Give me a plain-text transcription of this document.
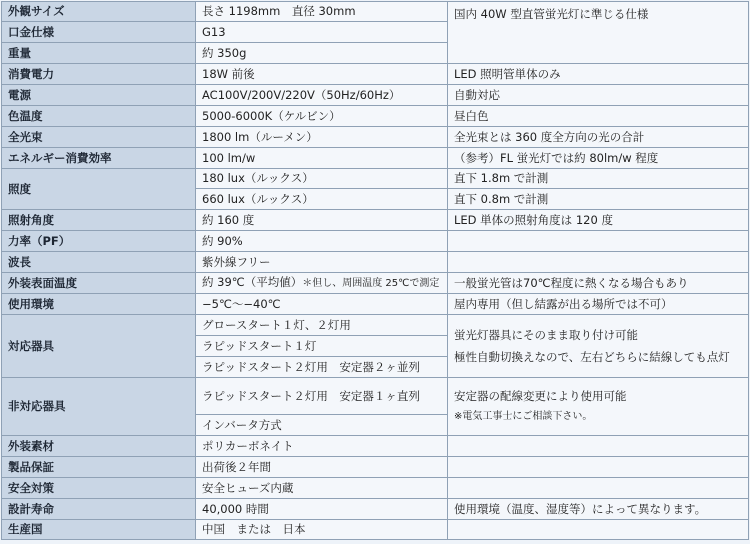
外観サイズ	長さ 1198mm　直径 30mm	国内 40W 型直管蛍光灯に準じる仕様
口金仕様	G13	
重量	約 350g	
消費電力	18W 前後	LED 照明管単体のみ
電源	AC100V/200V/220V（50Hz/60Hz）	自動対応
色温度	5000-6000K（ケルビン）	昼白色
全光束	1800 lm（ルーメン）	全光束とは 360 度全方向の光の合計
エネルギー消費効率	100 lm/w	（参考）FL 蛍光灯では約 80lm/w 程度
照度	180 lux（ルックス）	直下 1.8m で計測
	660 lux（ルックス）	直下 0.8m で計測
照射角度	約 160 度	LED 単体の照射角度は 120 度
力率（PF）	約 90%	
波長	紫外線フリー	
外装表面温度	約 39℃（平均値）＊但し、周囲温度 25℃で測定	一般蛍光管は70℃程度に熱くなる場合もあり
使用環境	−5℃〜−40℃	屋内専用（但し結露が出る場所では不可）
対応器具	グロースタート１灯、２灯用	蛍光灯器具にそのまま取り付け可能
極性自動切換えなので、左右どちらに結線しても点灯

	ラピッドスタート１灯	
	ラピッドスタート２灯用　安定器２ヶ並列	
非対応器具	ラピッドスタート２灯用　安定器１ヶ直列	安定器の配線変更により使用可能
※電気工事士にご相談下さい。

	インバータ方式	
外装素材	ポリカーボネイト	
製品保証	出荷後２年間	
安全対策	安全ヒューズ内蔵	
設計寿命	40,000 時間	使用環境（温度、湿度等）によって異なります。
生産国	中国　または　日本	
